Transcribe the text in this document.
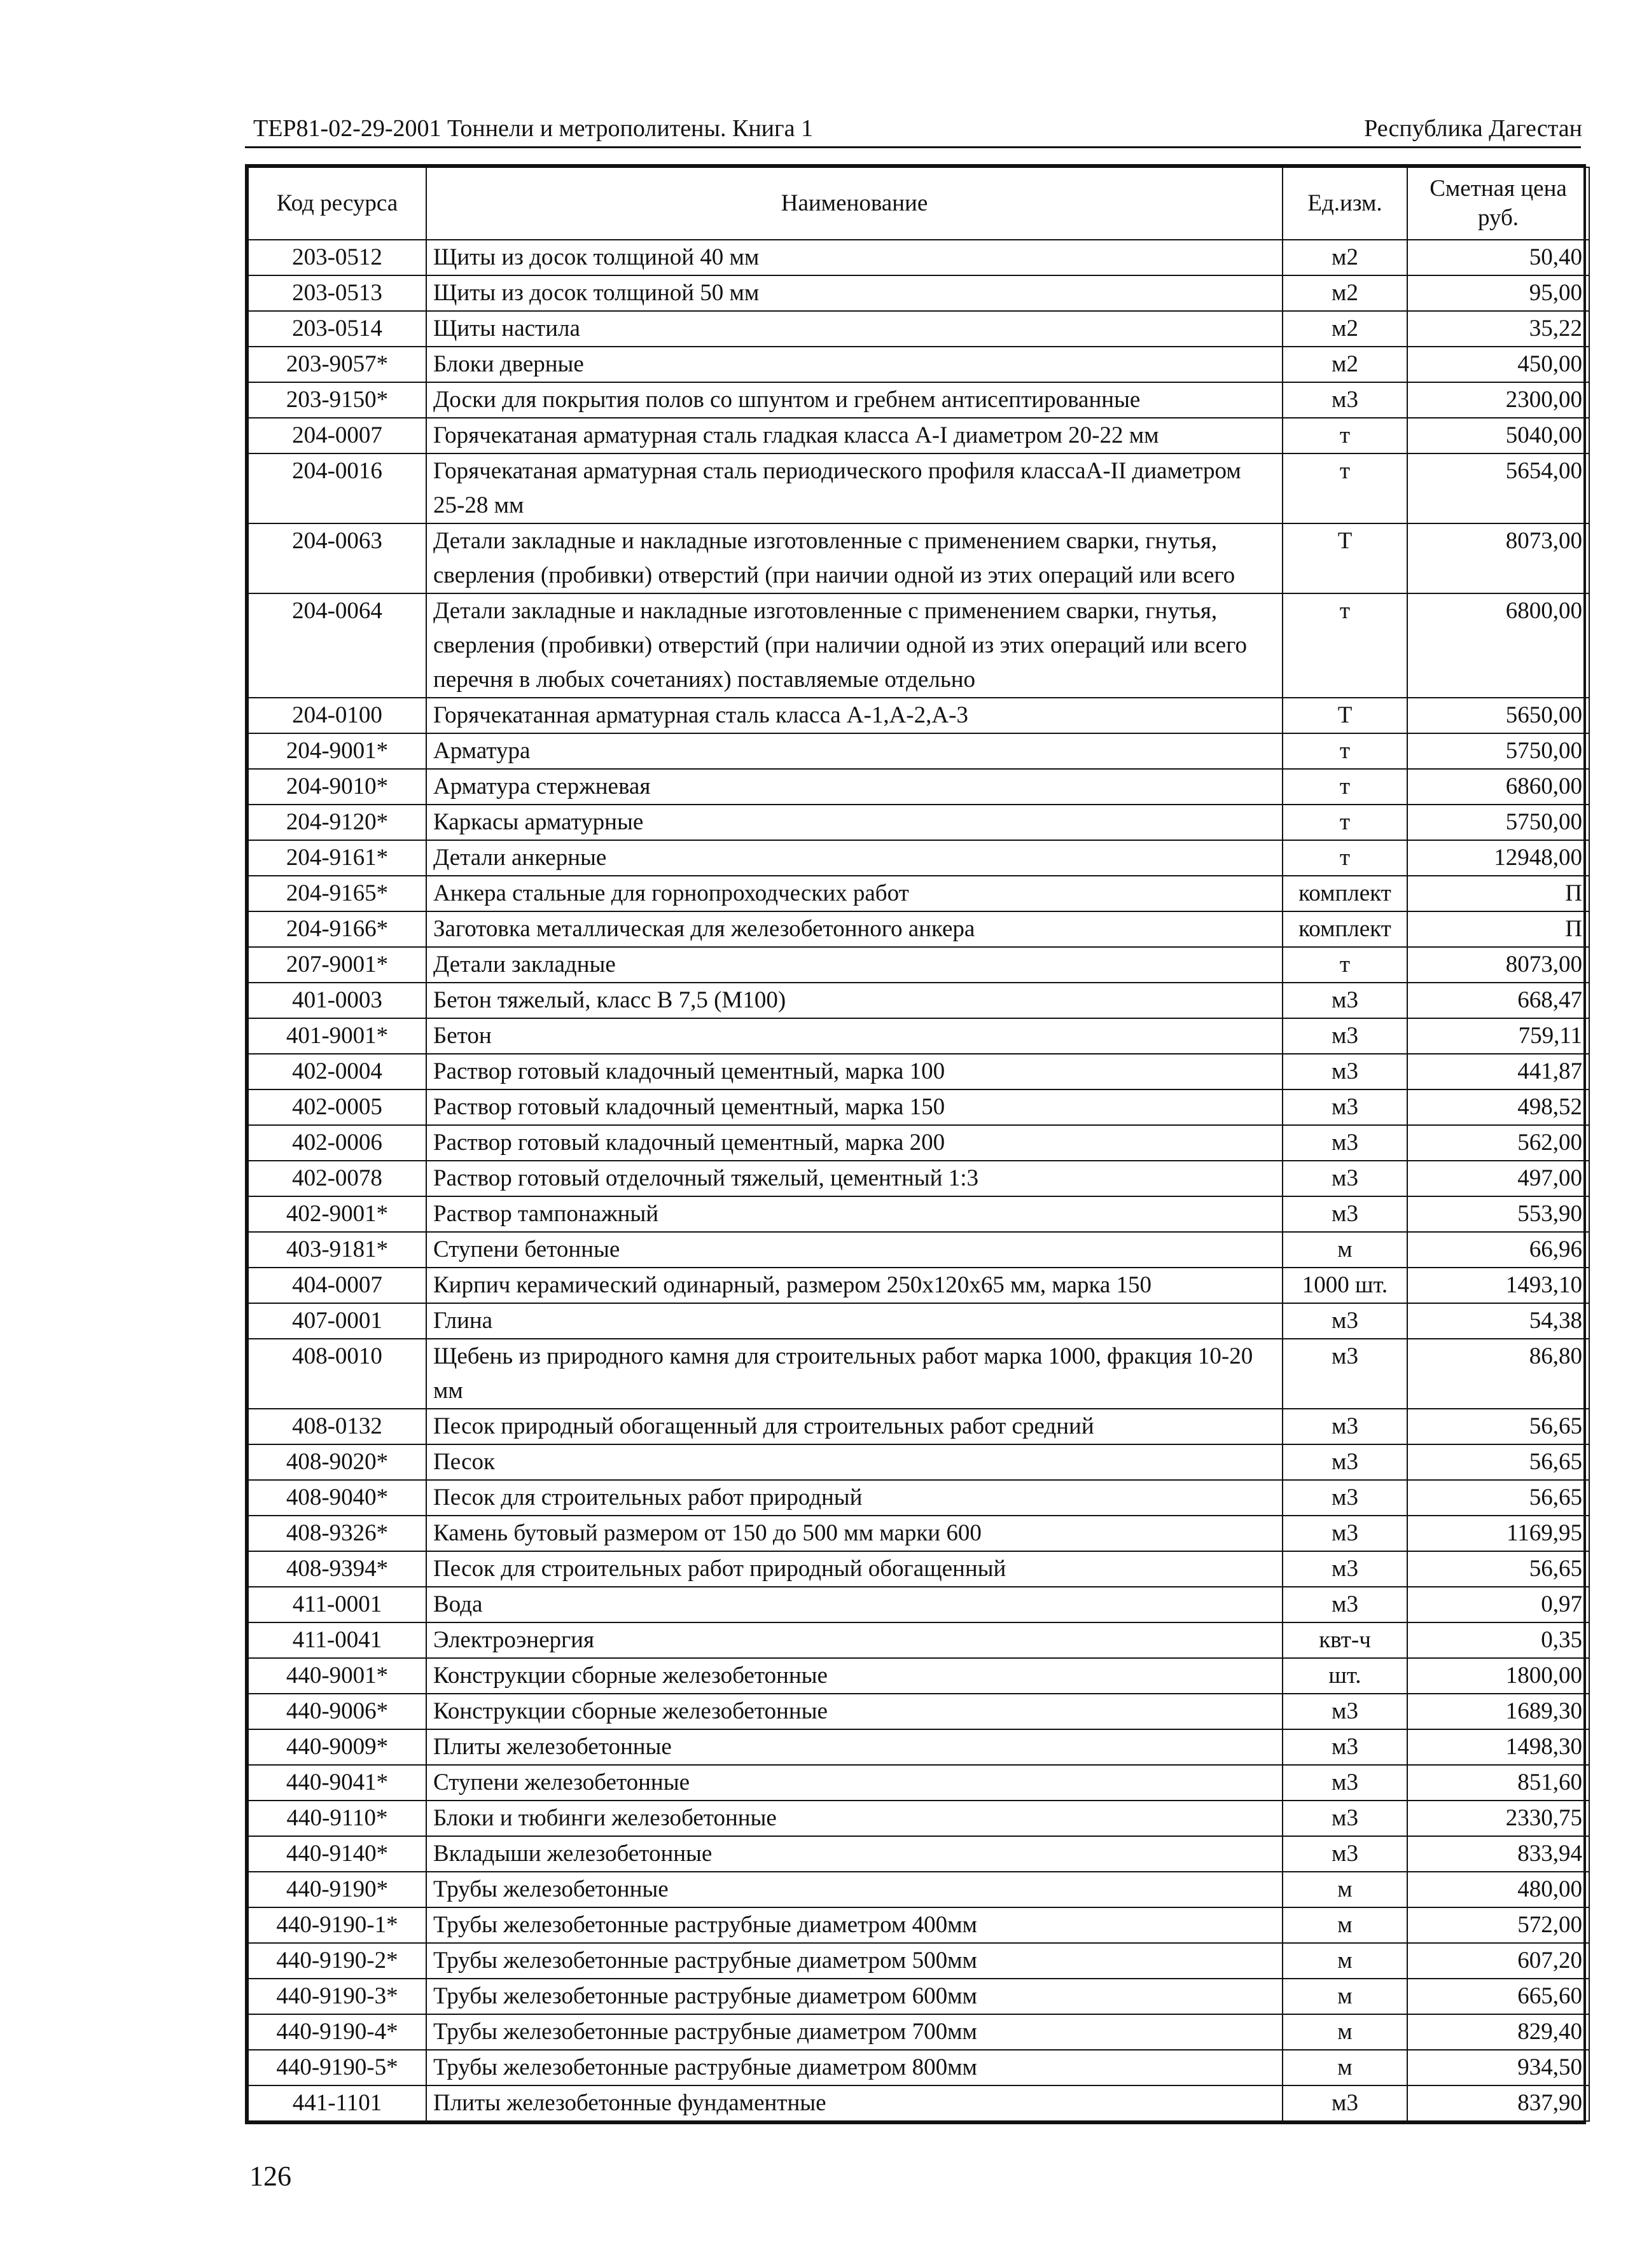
ТЕР81-02-29-2001 Тоннели и метрополитены. Книга 1	Республика Дагестан
Код ресурса	Наименование	Ед.изм.	Сметная цена руб.
203-0512	Щиты из досок толщиной 40 мм	м2	50,40
203-0513	Щиты из досок толщиной 50 мм	м2	95,00
203-0514	Щиты настила	м2	35,22
203-9057*	Блоки дверные	м2	450,00
203-9150*	Доски для покрытия полов со шпунтом и гребнем антисептированные	м3	2300,00
204-0007	Горячекатаная арматурная сталь гладкая класса А-I диаметром 20-22 мм	т	5040,00
204-0016	Горячекатаная арматурная сталь периодического профиля классаА-II диаметром 25-28 мм	т	5654,00
204-0063	Детали закладные и накладные изготовленные с применением сварки, гнутья, сверления (пробивки) отверстий (при наичии одной из этих операций или всего	Т	8073,00
204-0064	Детали закладные и накладные изготовленные с применением сварки, гнутья, сверления (пробивки) отверстий (при наличии одной из этих операций или всего перечня в любых сочетаниях) поставляемые отдельно	т	6800,00
204-0100	Горячекатанная арматурная сталь класса А-1,А-2,А-3	Т	5650,00
204-9001*	Арматура	т	5750,00
204-9010*	Арматура стержневая	т	6860,00
204-9120*	Каркасы арматурные	т	5750,00
204-9161*	Детали анкерные	т	12948,00
204-9165*	Анкера стальные для горнопроходческих работ	комплект	П
204-9166*	Заготовка металлическая для железобетонного анкера	комплект	П
207-9001*	Детали закладные	т	8073,00
401-0003	Бетон тяжелый, класс В 7,5 (М100)	м3	668,47
401-9001*	Бетон	м3	759,11
402-0004	Раствор готовый кладочный цементный, марка 100	м3	441,87
402-0005	Раствор готовый кладочный цементный, марка 150	м3	498,52
402-0006	Раствор готовый кладочный цементный, марка 200	м3	562,00
402-0078	Раствор готовый отделочный тяжелый, цементный 1:3	м3	497,00
402-9001*	Раствор тампонажный	м3	553,90
403-9181*	Ступени бетонные	м	66,96
404-0007	Кирпич керамический одинарный, размером 250х120х65 мм, марка 150	1000 шт.	1493,10
407-0001	Глина	м3	54,38
408-0010	Щебень из природного камня для строительных работ марка 1000, фракция 10-20 мм	м3	86,80
408-0132	Песок природный обогащенный для строительных работ средний	м3	56,65
408-9020*	Песок	м3	56,65
408-9040*	Песок для строительных работ природный	м3	56,65
408-9326*	Камень бутовый размером от 150 до 500 мм марки 600	м3	1169,95
408-9394*	Песок для строительных работ природный обогащенный	м3	56,65
411-0001	Вода	м3	0,97
411-0041	Электроэнергия	квт-ч	0,35
440-9001*	Конструкции сборные железобетонные	шт.	1800,00
440-9006*	Конструкции сборные железобетонные	м3	1689,30
440-9009*	Плиты железобетонные	м3	1498,30
440-9041*	Ступени железобетонные	м3	851,60
440-9110*	Блоки и тюбинги железобетонные	м3	2330,75
440-9140*	Вкладыши железобетонные	м3	833,94
440-9190*	Трубы железобетонные	м	480,00
440-9190-1*	Трубы железобетонные раструбные диаметром 400мм	м	572,00
440-9190-2*	Трубы железобетонные раструбные диаметром 500мм	м	607,20
440-9190-3*	Трубы железобетонные раструбные диаметром 600мм	м	665,60
440-9190-4*	Трубы железобетонные раструбные диаметром 700мм	м	829,40
440-9190-5*	Трубы железобетонные раструбные диаметром 800мм	м	934,50
441-1101	Плиты железобетонные фундаментные	м3	837,90
126
